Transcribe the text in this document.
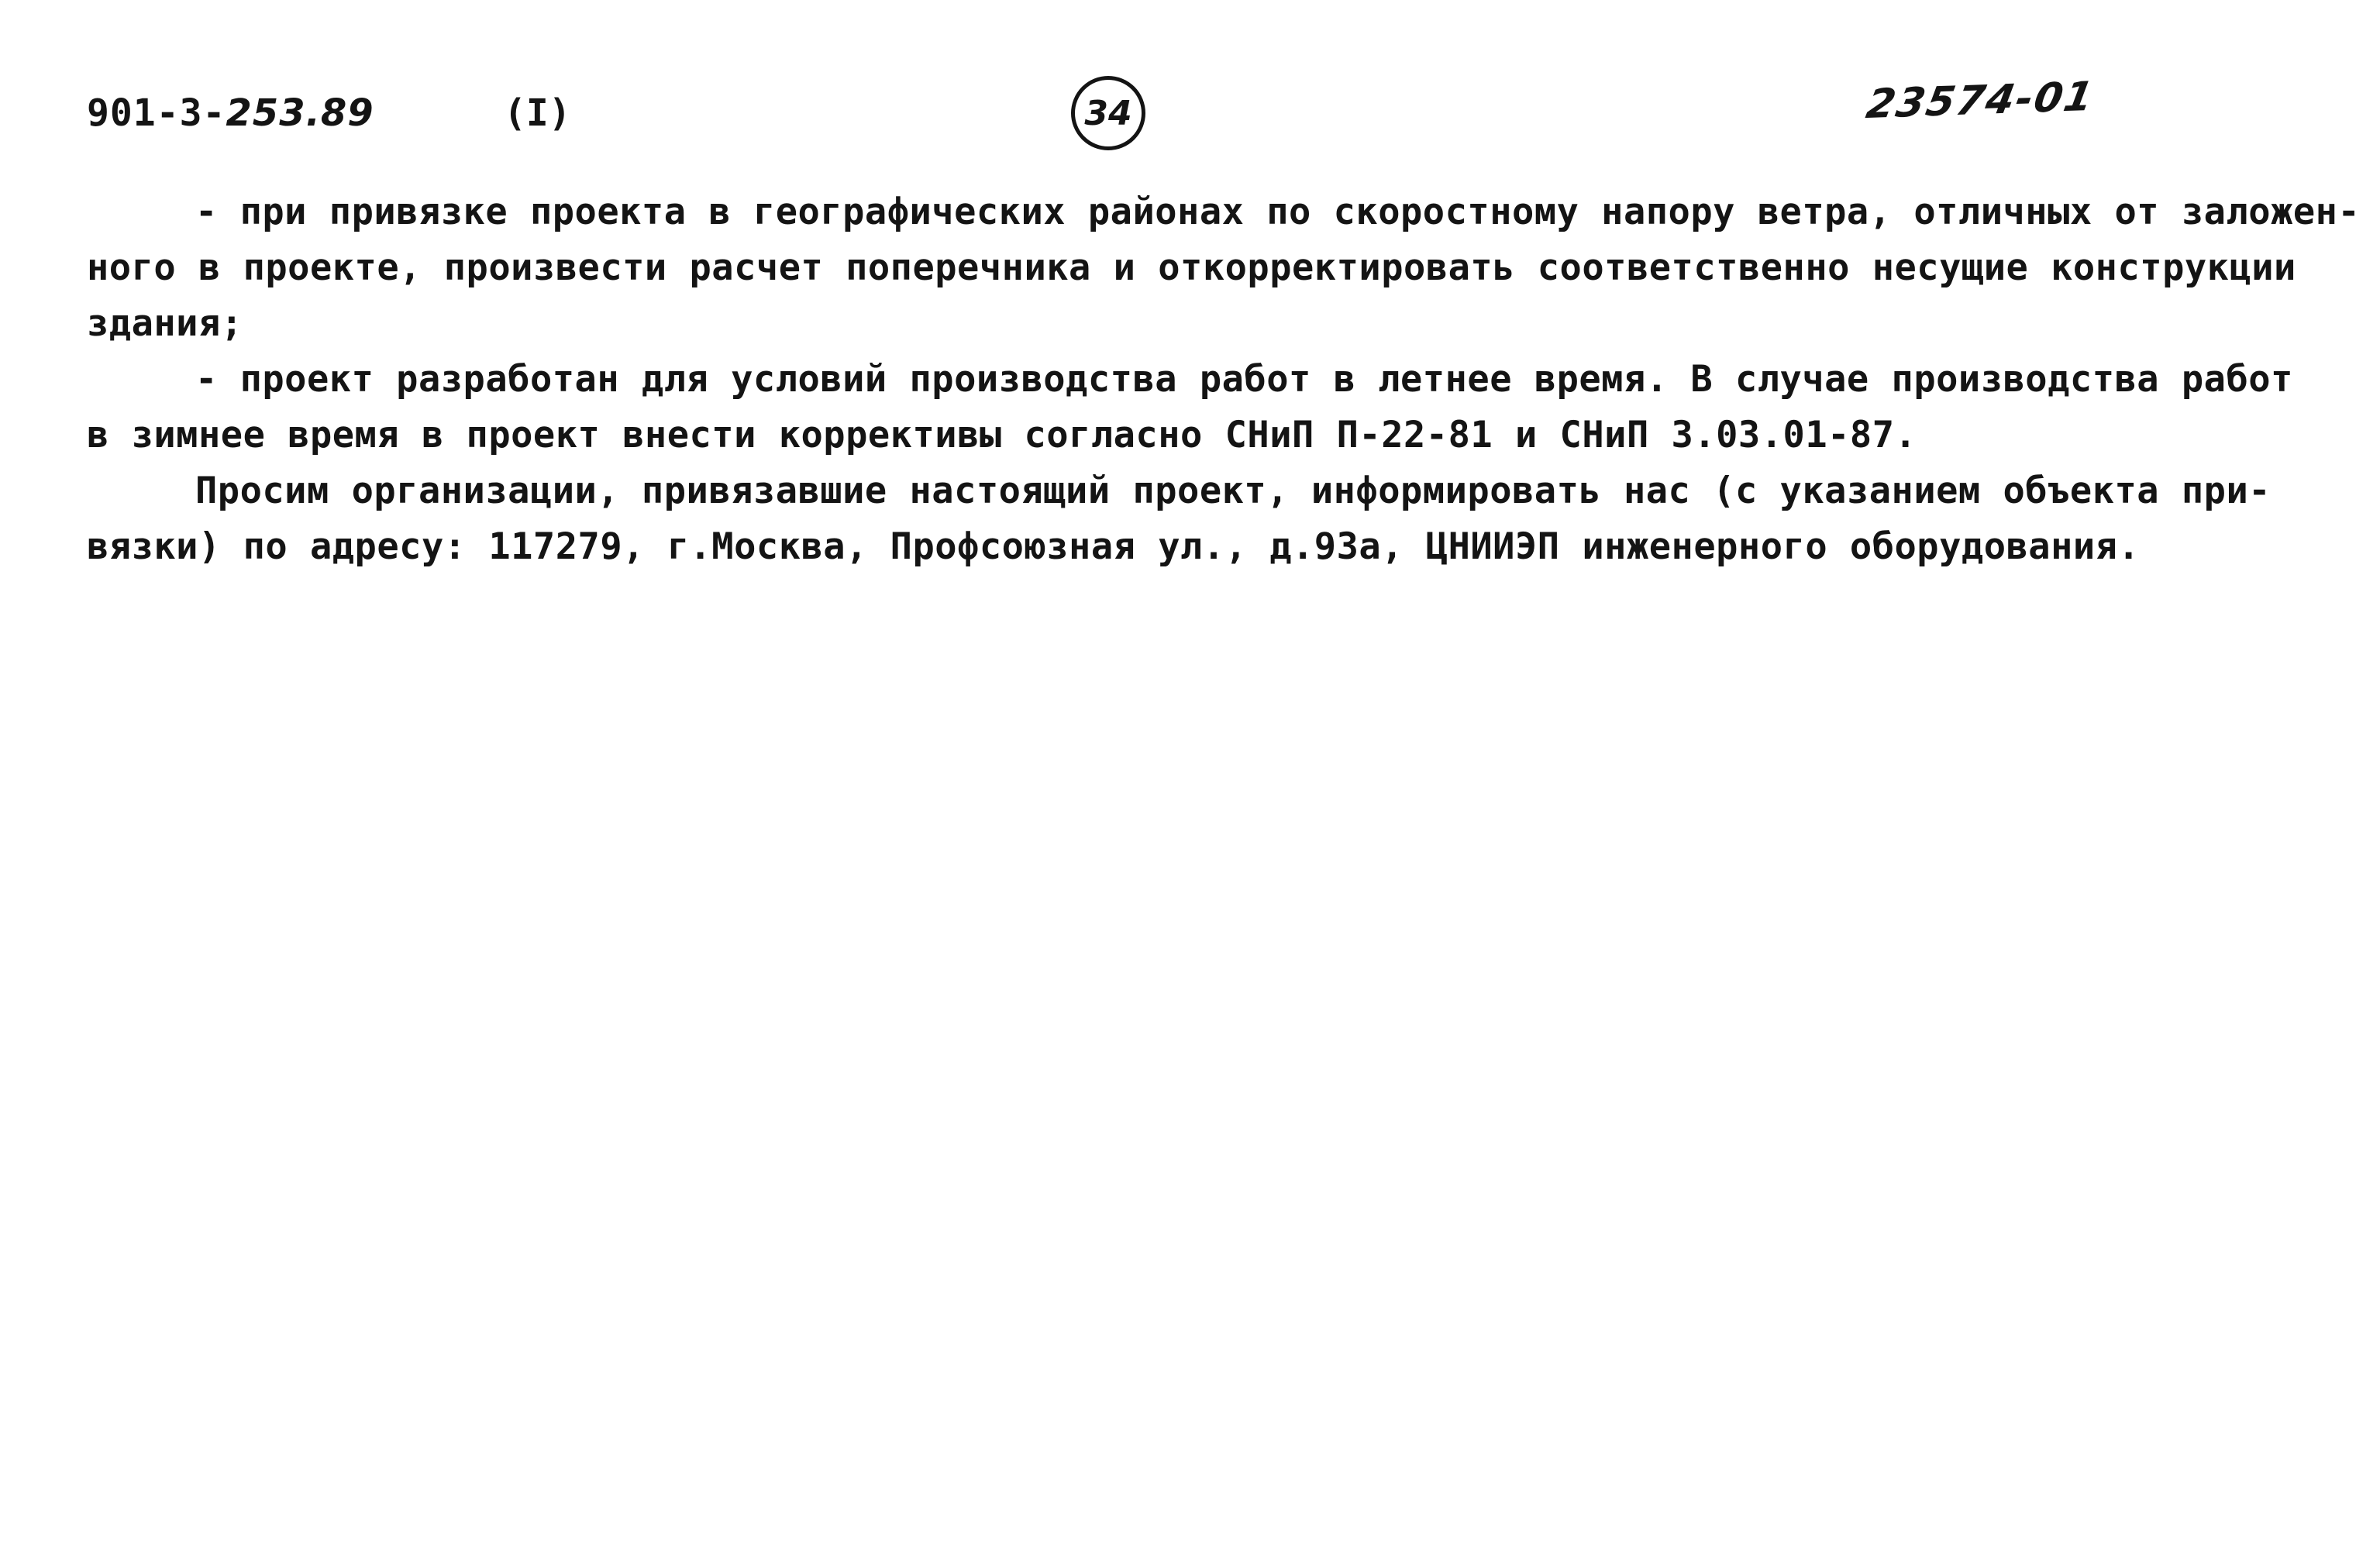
901-3-253.89	(I)	34	23574-01
- при привязке проекта в географических районах по скоростному напору ветра, отличных от заложен-
ного в проекте, произвести расчет поперечника и откорректировать соответственно несущие конструкции
здания;
- проект разработан для условий производства работ в летнее время. В случае производства работ
в зимнее время в проект внести коррективы согласно СНиП П-22-81 и СНиП 3.03.01-87.
Просим организации, привязавшие настоящий проект, информировать нас (с указанием объекта при-
вязки) по адресу: 117279, г.Москва, Профсоюзная ул., д.93а, ЦНИИЭП инженерного оборудования.
